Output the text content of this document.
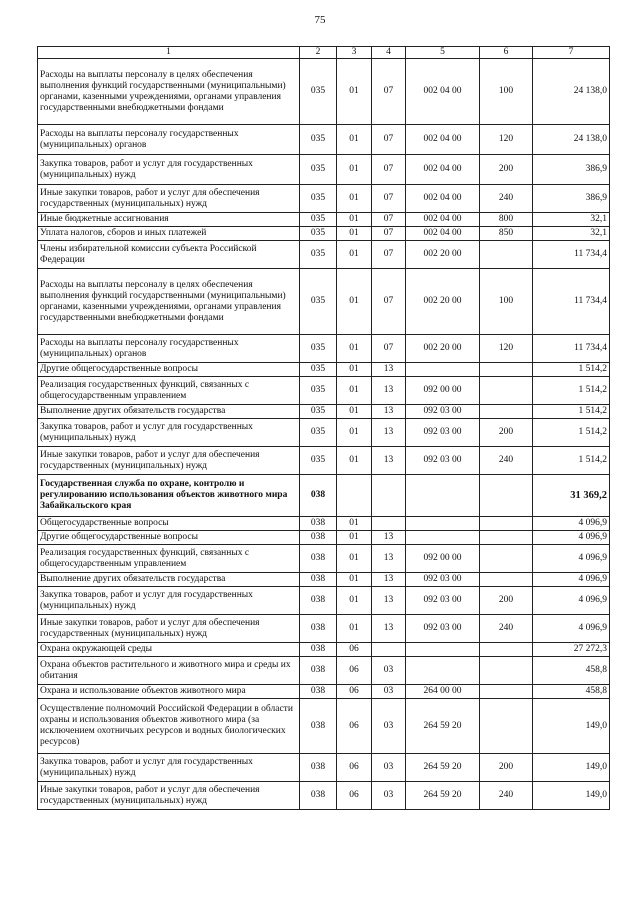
75
1	2	3	4	5	6	7
Расходы на выплаты персоналу в целях обеспечения выполнения функций государственными (муниципальными) органами, казенными учреждениями, органами управления государственными внебюджетными фондами	035	01	07	002 04 00	100	24 138,0
Расходы на выплаты персоналу государственных (муниципальных) органов	035	01	07	002 04 00	120	24 138,0
Закупка товаров, работ и услуг для государственных (муниципальных) нужд	035	01	07	002 04 00	200	386,9
Иные закупки товаров, работ и услуг для обеспечения государственных (муниципальных) нужд	035	01	07	002 04 00	240	386,9
Иные бюджетные ассигнования	035	01	07	002 04 00	800	32,1
Уплата налогов, сборов и иных платежей	035	01	07	002 04 00	850	32,1
Члены избирательной комиссии субъекта Российской Федерации	035	01	07	002 20 00		11 734,4
Расходы на выплаты персоналу в целях обеспечения выполнения функций государственными (муниципальными) органами, казенными учреждениями, органами управления государственными внебюджетными фондами	035	01	07	002 20 00	100	11 734,4
Расходы на выплаты персоналу государственных (муниципальных) органов	035	01	07	002 20 00	120	11 734,4
Другие общегосударственные вопросы	035	01	13			1 514,2
Реализация государственных функций, связанных с общегосударственным управлением	035	01	13	092 00 00		1 514,2
Выполнение других обязательств государства	035	01	13	092 03 00		1 514,2
Закупка товаров, работ и услуг для государственных (муниципальных) нужд	035	01	13	092 03 00	200	1 514,2
Иные закупки товаров, работ и услуг для обеспечения государственных (муниципальных) нужд	035	01	13	092 03 00	240	1 514,2
Государственная служба по охране, контролю и регулированию использования объектов животного мира Забайкальского края	038					31 369,2
Общегосударственные вопросы	038	01				4 096,9
Другие общегосударственные вопросы	038	01	13			4 096,9
Реализация государственных функций, связанных с общегосударственным управлением	038	01	13	092 00 00		4 096,9
Выполнение других обязательств государства	038	01	13	092 03 00		4 096,9
Закупка товаров, работ и услуг для государственных (муниципальных) нужд	038	01	13	092 03 00	200	4 096,9
Иные закупки товаров, работ и услуг для обеспечения государственных (муниципальных) нужд	038	01	13	092 03 00	240	4 096,9
Охрана окружающей среды	038	06				27 272,3
Охрана объектов растительного и животного мира и среды их обитания	038	06	03			458,8
Охрана и использование объектов животного мира	038	06	03	264 00 00		458,8
Осуществление полномочий Российской Федерации в области охраны и использования объектов животного мира (за исключением охотничьих ресурсов и водных биологических ресурсов)	038	06	03	264 59 20		149,0
Закупка товаров, работ и услуг для государственных (муниципальных) нужд	038	06	03	264 59 20	200	149,0
Иные закупки товаров, работ и услуг для обеспечения государственных (муниципальных) нужд	038	06	03	264 59 20	240	149,0
